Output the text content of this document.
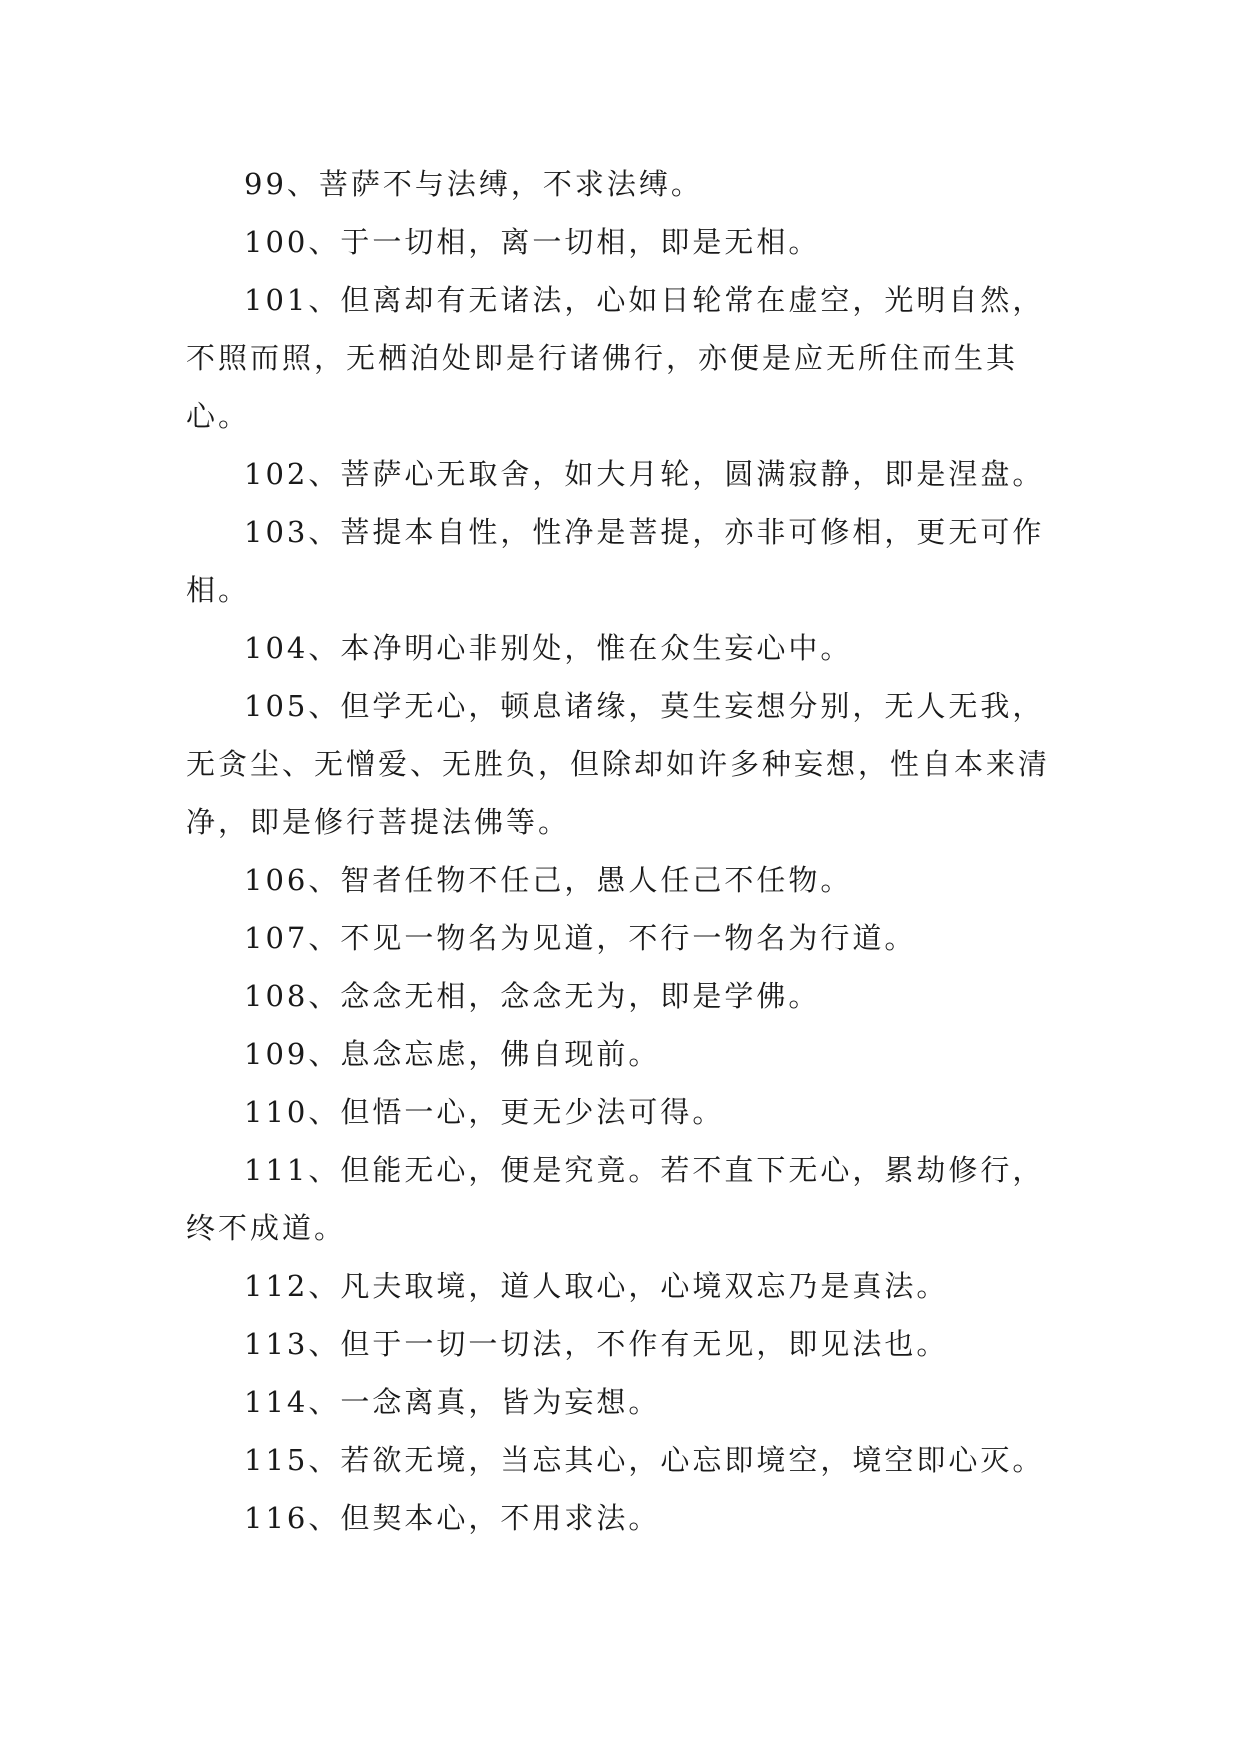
99、菩萨不与法缚，不求法缚。

100、于一切相，离一切相，即是无相。

101、但离却有无诸法，心如日轮常在虚空，光明自然，不照而照，无栖泊处即是行诸佛行，亦便是应无所住而生其心。

102、菩萨心无取舍，如大月轮，圆满寂静，即是涅盘。

103、菩提本自性，性净是菩提，亦非可修相，更无可作相。

104、本净明心非别处，惟在众生妄心中。

105、但学无心，顿息诸缘，莫生妄想分别，无人无我，无贪尘、无憎爱、无胜负，但除却如许多种妄想，性自本来清净，即是修行菩提法佛等。

106、智者任物不任己，愚人任己不任物。

107、不见一物名为见道，不行一物名为行道。

108、念念无相，念念无为，即是学佛。

109、息念忘虑，佛自现前。

110、但悟一心，更无少法可得。

111、但能无心，便是究竟。若不直下无心，累劫修行，终不成道。

112、凡夫取境，道人取心，心境双忘乃是真法。

113、但于一切一切法，不作有无见，即见法也。

114、一念离真，皆为妄想。

115、若欲无境，当忘其心，心忘即境空，境空即心灭。

116、但契本心，不用求法。
